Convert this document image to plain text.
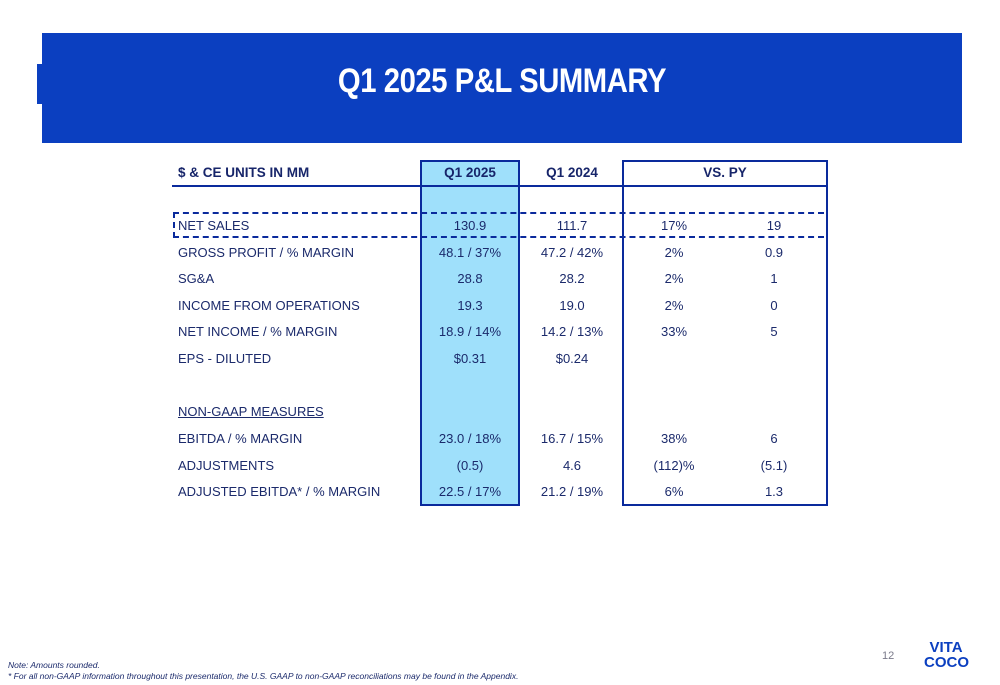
Q1 2025 P&L SUMMARY
$ & CE UNITS IN MM	Q1 2025	Q1 2024	VS. PY
NET SALES	130.9	111.7	17%	19
GROSS PROFIT / % MARGIN	48.1 / 37%	47.2 / 42%	2%	0.9
SG&A	28.8	28.2	2%	1
INCOME FROM OPERATIONS	19.3	19.0	2%	0
NET INCOME / % MARGIN	18.9 / 14%	14.2 / 13%	33%	5
EPS - DILUTED	$0.31	$0.24
NON-GAAP MEASURES
EBITDA / % MARGIN	23.0 / 18%	16.7 / 15%	38%	6
ADJUSTMENTS	(0.5)	4.6	(112)%	(5.1)
ADJUSTED EBITDA* / % MARGIN	22.5 / 17%	21.2 / 19%	6%	1.3
12	VITA
COCO
Note: Amounts rounded.
* For all non-GAAP information throughout this presentation, the U.S. GAAP to non-GAAP reconciliations may be found in the Appendix.
